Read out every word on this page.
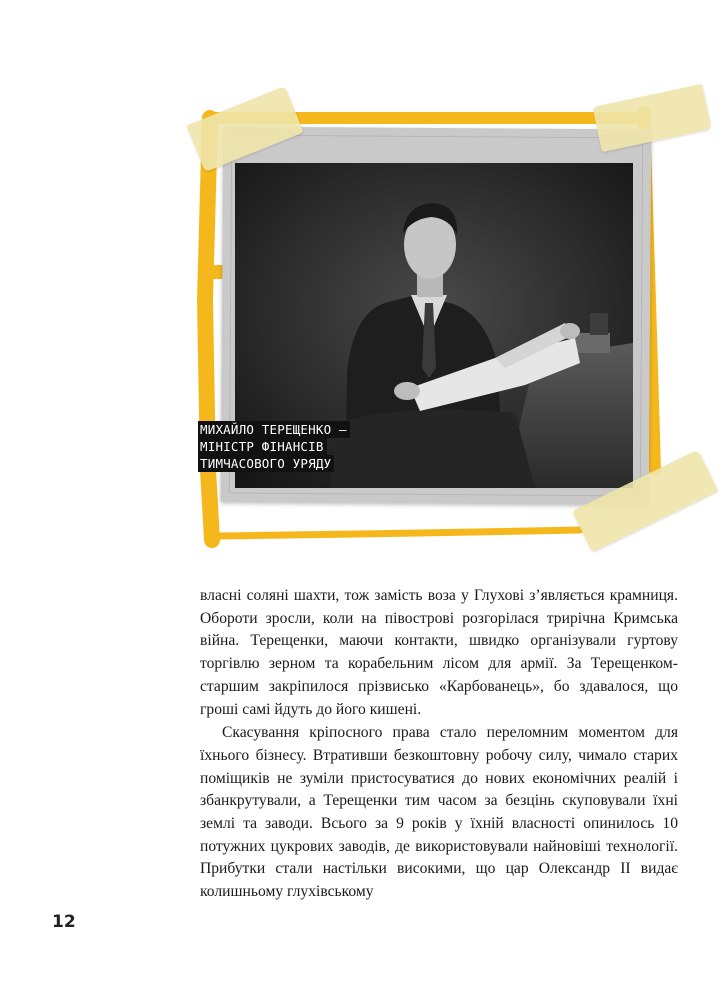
МИХАЙЛО ТЕРЕЩЕНКО –
МІНІСТР ФІНАНСІВ
ТИМЧАСОВОГО УРЯДУ

власні соляні шахти, тож замість воза у Глухові з’являється крамниця. Обороти зросли, коли на півострові розгорілася трирічна Кримська війна. Терещенки, маючи контакти, швидко організували гуртову торгівлю зерном та корабельним лісом для армії. За Терещенком-старшим закріпилося прізвисько «Карбованець», бо здавалося, що гроші самі йдуть до його кишені.

Скасування кріпосного права стало переломним моментом для їхнього бізнесу. Втративши безкоштовну робочу силу, чимало старих поміщиків не зуміли пристосуватися до нових економічних реалій і збанкрутували, а Терещенки тим часом за безцінь скуповували їхні землі та заводи. Всього за 9 років у їхній власності опинилось 10 потужних цукрових заводів, де використовували найновіші технології. Прибутки стали настільки високими, що цар Олександр II видає колишньому глухівському

12
